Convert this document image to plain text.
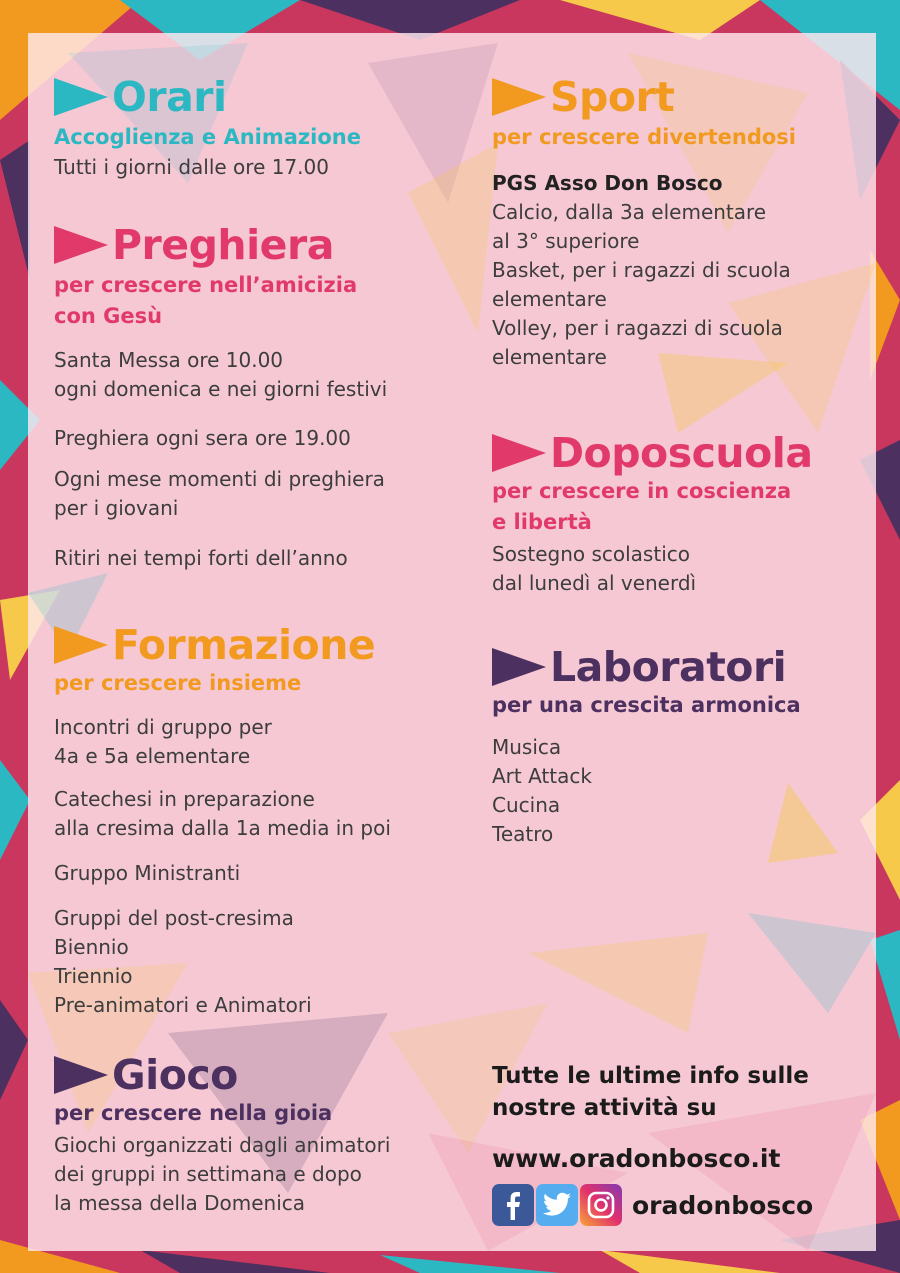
Orari
Accoglienza e Animazione

Tutti i giorni dalle ore 17.00

Preghiera
per crescere nell’amicizia
con Gesù

Santa Messa ore 10.00

ogni domenica e nei giorni festivi

Preghiera ogni sera ore 19.00

Ogni mese momenti di preghiera

per i giovani

Ritiri nei tempi forti dell’anno

Formazione
per crescere insieme

Incontri di gruppo per

4a e 5a elementare

Catechesi in preparazione

alla cresima dalla 1a media in poi

Gruppo Ministranti

Gruppi del post-cresima

Biennio

Triennio

Pre-animatori e Animatori

Gioco
per crescere nella gioia

Giochi organizzati dagli animatori

dei gruppi in settimana e dopo

la messa della Domenica

Sport
per crescere divertendosi
PGS Asso Don Bosco

Calcio, dalla 3a elementare

al 3° superiore

Basket, per i ragazzi di scuola

elementare

Volley, per i ragazzi di scuola

elementare

Doposcuola
per crescere in coscienza
e libertà

Sostegno scolastico

dal lunedì al venerdì

Laboratori
per una crescita armonica

Musica

Art Attack

Cucina

Teatro

Tutte le ultime info sulle
nostre attività su
www.oradonbosco.it
oradonbosco
